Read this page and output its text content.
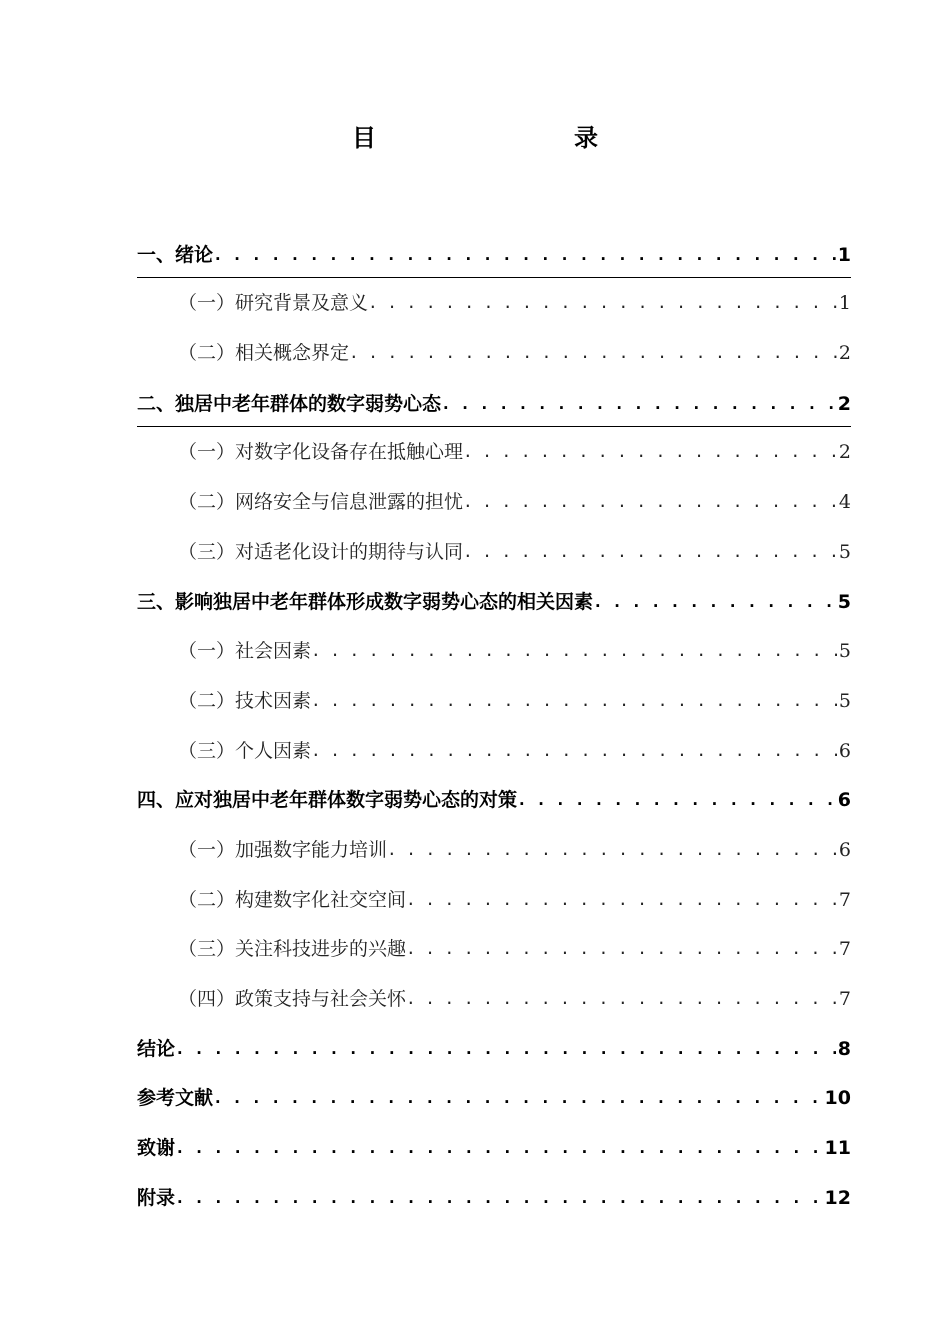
目　　录
一、绪论 . . .	1
（一）研究背景及意义 . . .	1
（二）相关概念界定 . . .	2
二、独居中老年群体的数字弱势心态 . . .	2
（一）对数字化设备存在抵触心理 . . .	2
（二）网络安全与信息泄露的担忧 . . .	4
（三）对适老化设计的期待与认同 . . .	5
三、影响独居中老年群体形成数字弱势心态的相关因素 . . .	5
（一）社会因素 . . .	5
（二）技术因素 . . .	5
（三）个人因素 . . .	6
四、应对独居中老年群体数字弱势心态的对策 . . .	6
（一）加强数字能力培训 . . .	6
（二）构建数字化社交空间 . . .	7
（三）关注科技进步的兴趣 . . .	7
（四）政策支持与社会关怀 . . .	7
结论 . . .	8
参考文献 . . .	10
致谢 . . .	11
附录 . . .	12
